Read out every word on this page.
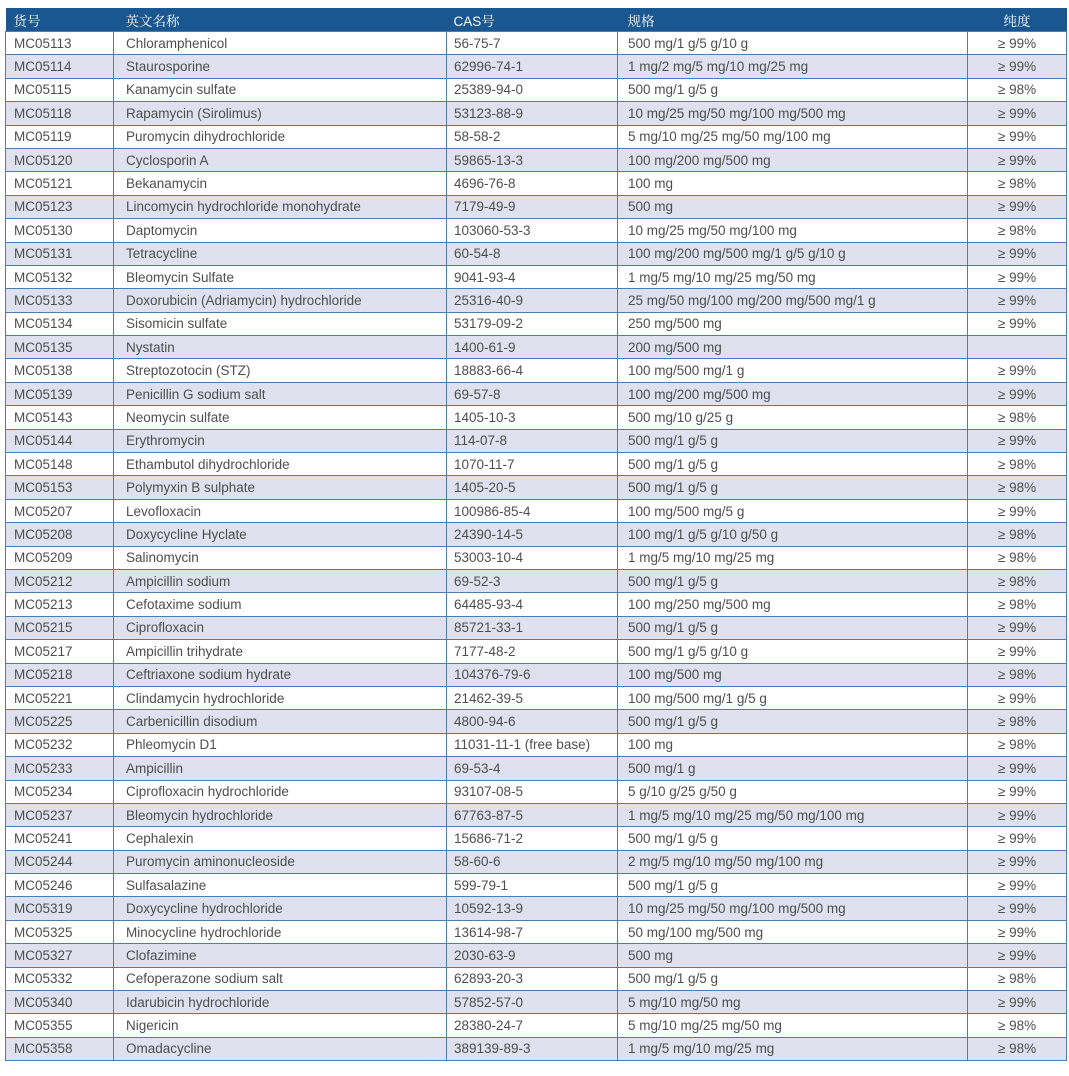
货号	英文名称	CAS号	规格	纯度
MC05113	Chloramphenicol	56-75-7	500 mg/1 g/5 g/10 g	≥ 99%
MC05114	Staurosporine	62996-74-1	1 mg/2 mg/5 mg/10 mg/25 mg	≥ 99%
MC05115	Kanamycin sulfate	25389-94-0	500 mg/1 g/5 g	≥ 98%
MC05118	Rapamycin (Sirolimus)	53123-88-9	10 mg/25 mg/50 mg/100 mg/500 mg	≥ 99%
MC05119	Puromycin dihydrochloride	58-58-2	5 mg/10 mg/25 mg/50 mg/100 mg	≥ 99%
MC05120	Cyclosporin A	59865-13-3	100 mg/200 mg/500 mg	≥ 99%
MC05121	Bekanamycin	4696-76-8	100 mg	≥ 98%
MC05123	Lincomycin hydrochloride monohydrate	7179-49-9	500 mg	≥ 99%
MC05130	Daptomycin	103060-53-3	10 mg/25 mg/50 mg/100 mg	≥ 98%
MC05131	Tetracycline	60-54-8	100 mg/200 mg/500 mg/1 g/5 g/10 g	≥ 99%
MC05132	Bleomycin Sulfate	9041-93-4	1 mg/5 mg/10 mg/25 mg/50 mg	≥ 99%
MC05133	Doxorubicin (Adriamycin) hydrochloride	25316-40-9	25 mg/50 mg/100 mg/200 mg/500 mg/1 g	≥ 99%
MC05134	Sisomicin sulfate	53179-09-2	250 mg/500 mg	≥ 99%
MC05135	Nystatin	1400-61-9	200 mg/500 mg	
MC05138	Streptozotocin (STZ)	18883-66-4	100 mg/500 mg/1 g	≥ 99%
MC05139	Penicillin G sodium salt	69-57-8	100 mg/200 mg/500 mg	≥ 99%
MC05143	Neomycin sulfate	1405-10-3	500 mg/10 g/25 g	≥ 98%
MC05144	Erythromycin	114-07-8	500 mg/1 g/5 g	≥ 99%
MC05148	Ethambutol dihydrochloride	1070-11-7	500 mg/1 g/5 g	≥ 98%
MC05153	Polymyxin B sulphate	1405-20-5	500 mg/1 g/5 g	≥ 98%
MC05207	Levofloxacin	100986-85-4	100 mg/500 mg/5 g	≥ 99%
MC05208	Doxycycline Hyclate	24390-14-5	100 mg/1 g/5 g/10 g/50 g	≥ 98%
MC05209	Salinomycin	53003-10-4	1 mg/5 mg/10 mg/25 mg	≥ 98%
MC05212	Ampicillin sodium	69-52-3	500 mg/1 g/5 g	≥ 98%
MC05213	Cefotaxime sodium	64485-93-4	100 mg/250 mg/500 mg	≥ 98%
MC05215	Ciprofloxacin	85721-33-1	500 mg/1 g/5 g	≥ 99%
MC05217	Ampicillin trihydrate	7177-48-2	500 mg/1 g/5 g/10 g	≥ 99%
MC05218	Ceftriaxone sodium hydrate	104376-79-6	100 mg/500 mg	≥ 98%
MC05221	Clindamycin hydrochloride	21462-39-5	100 mg/500 mg/1 g/5 g	≥ 99%
MC05225	Carbenicillin disodium	4800-94-6	500 mg/1 g/5 g	≥ 98%
MC05232	Phleomycin D1	11031-11-1 (free base)	100 mg	≥ 98%
MC05233	Ampicillin	69-53-4	500 mg/1 g	≥ 99%
MC05234	Ciprofloxacin hydrochloride	93107-08-5	5 g/10 g/25 g/50 g	≥ 99%
MC05237	Bleomycin hydrochloride	67763-87-5	1 mg/5 mg/10 mg/25 mg/50 mg/100 mg	≥ 99%
MC05241	Cephalexin	15686-71-2	500 mg/1 g/5 g	≥ 99%
MC05244	Puromycin aminonucleoside	58-60-6	2 mg/5 mg/10 mg/50 mg/100 mg	≥ 99%
MC05246	Sulfasalazine	599-79-1	500 mg/1 g/5 g	≥ 99%
MC05319	Doxycycline hydrochloride	10592-13-9	10 mg/25 mg/50 mg/100 mg/500 mg	≥ 99%
MC05325	Minocycline hydrochloride	13614-98-7	50 mg/100 mg/500 mg	≥ 99%
MC05327	Clofazimine	2030-63-9	500 mg	≥ 99%
MC05332	Cefoperazone sodium salt	62893-20-3	500 mg/1 g/5 g	≥ 98%
MC05340	Idarubicin hydrochloride	57852-57-0	5 mg/10 mg/50 mg	≥ 99%
MC05355	Nigericin	28380-24-7	5 mg/10 mg/25 mg/50 mg	≥ 98%
MC05358	Omadacycline	389139-89-3	1 mg/5 mg/10 mg/25 mg	≥ 98%
